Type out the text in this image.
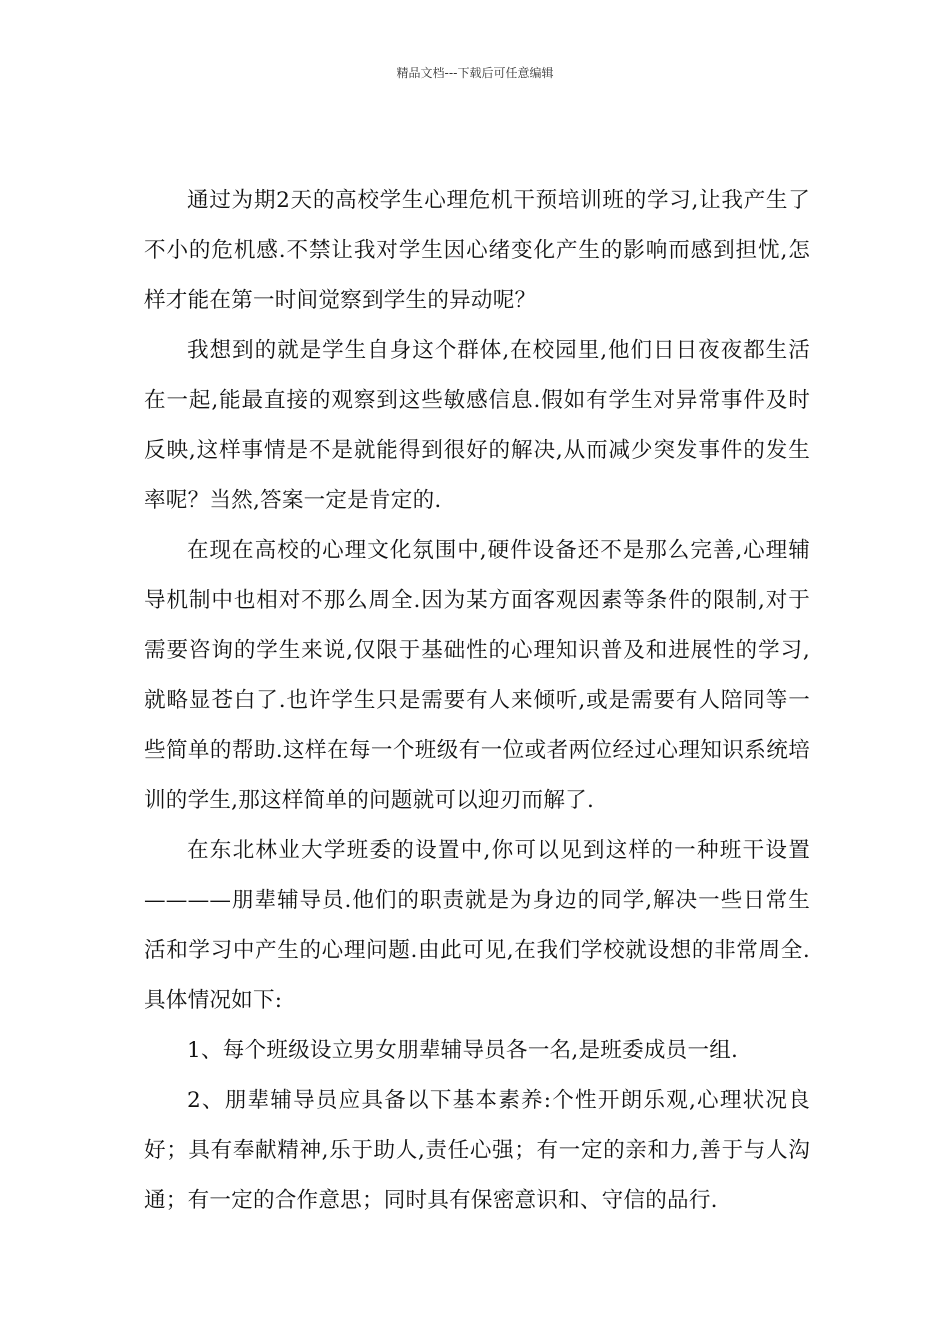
精品文档---下载后可任意编辑

通过为期2天的高校学生心理危机干预培训班的学习,让我产生了不小的危机感.不禁让我对学生因心绪变化产生的影响而感到担忧,怎样才能在第一时间觉察到学生的异动呢？

我想到的就是学生自身这个群体,在校园里,他们日日夜夜都生活在一起,能最直接的观察到这些敏感信息.假如有学生对异常事件及时反映,这样事情是不是就能得到很好的解决,从而减少突发事件的发生率呢？当然,答案一定是肯定的.

在现在高校的心理文化氛围中,硬件设备还不是那么完善,心理辅导机制中也相对不那么周全.因为某方面客观因素等条件的限制,对于需要咨询的学生来说,仅限于基础性的心理知识普及和进展性的学习,就略显苍白了.也许学生只是需要有人来倾听,或是需要有人陪同等一些简单的帮助.这样在每一个班级有一位或者两位经过心理知识系统培训的学生,那这样简单的问题就可以迎刃而解了.

在东北林业大学班委的设置中,你可以见到这样的一种班干设置————朋辈辅导员.他们的职责就是为身边的同学,解决一些日常生活和学习中产生的心理问题.由此可见,在我们学校就设想的非常周全.具体情况如下:

1、每个班级设立男女朋辈辅导员各一名,是班委成员一组.

2、朋辈辅导员应具备以下基本素养:个性开朗乐观,心理状况良好；具有奉献精神,乐于助人,责任心强；有一定的亲和力,善于与人沟通；有一定的合作意思；同时具有保密意识和、守信的品行.
